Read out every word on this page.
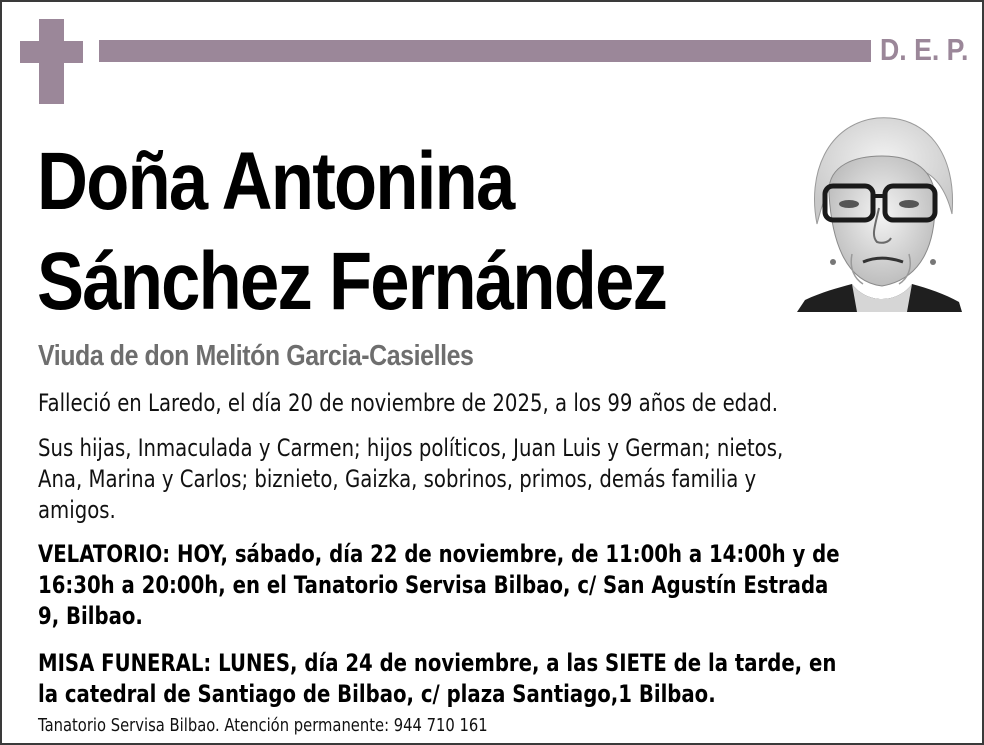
D. E. P.
Doña Antonina
Sánchez Fernández
Viuda de don Melitón Garcia-Casielles
Falleció en Laredo, el día 20 de noviembre de 2025, a los 99 años de edad.
Sus hijas, Inmaculada y Carmen; hijos políticos, Juan Luis y German; nietos,
Ana, Marina y Carlos; biznieto, Gaizka, sobrinos, primos, demás familia y
amigos.
VELATORIO: HOY, sábado, día 22 de noviembre, de 11:00h a 14:00h y de
16:30h a 20:00h, en el Tanatorio Servisa Bilbao, c/ San Agustín Estrada
9, Bilbao.
MISA FUNERAL: LUNES, día 24 de noviembre, a las SIETE de la tarde, en
la catedral de Santiago de Bilbao, c/ plaza Santiago,1 Bilbao.
Tanatorio Servisa Bilbao. Atención permanente: 944 710 161
